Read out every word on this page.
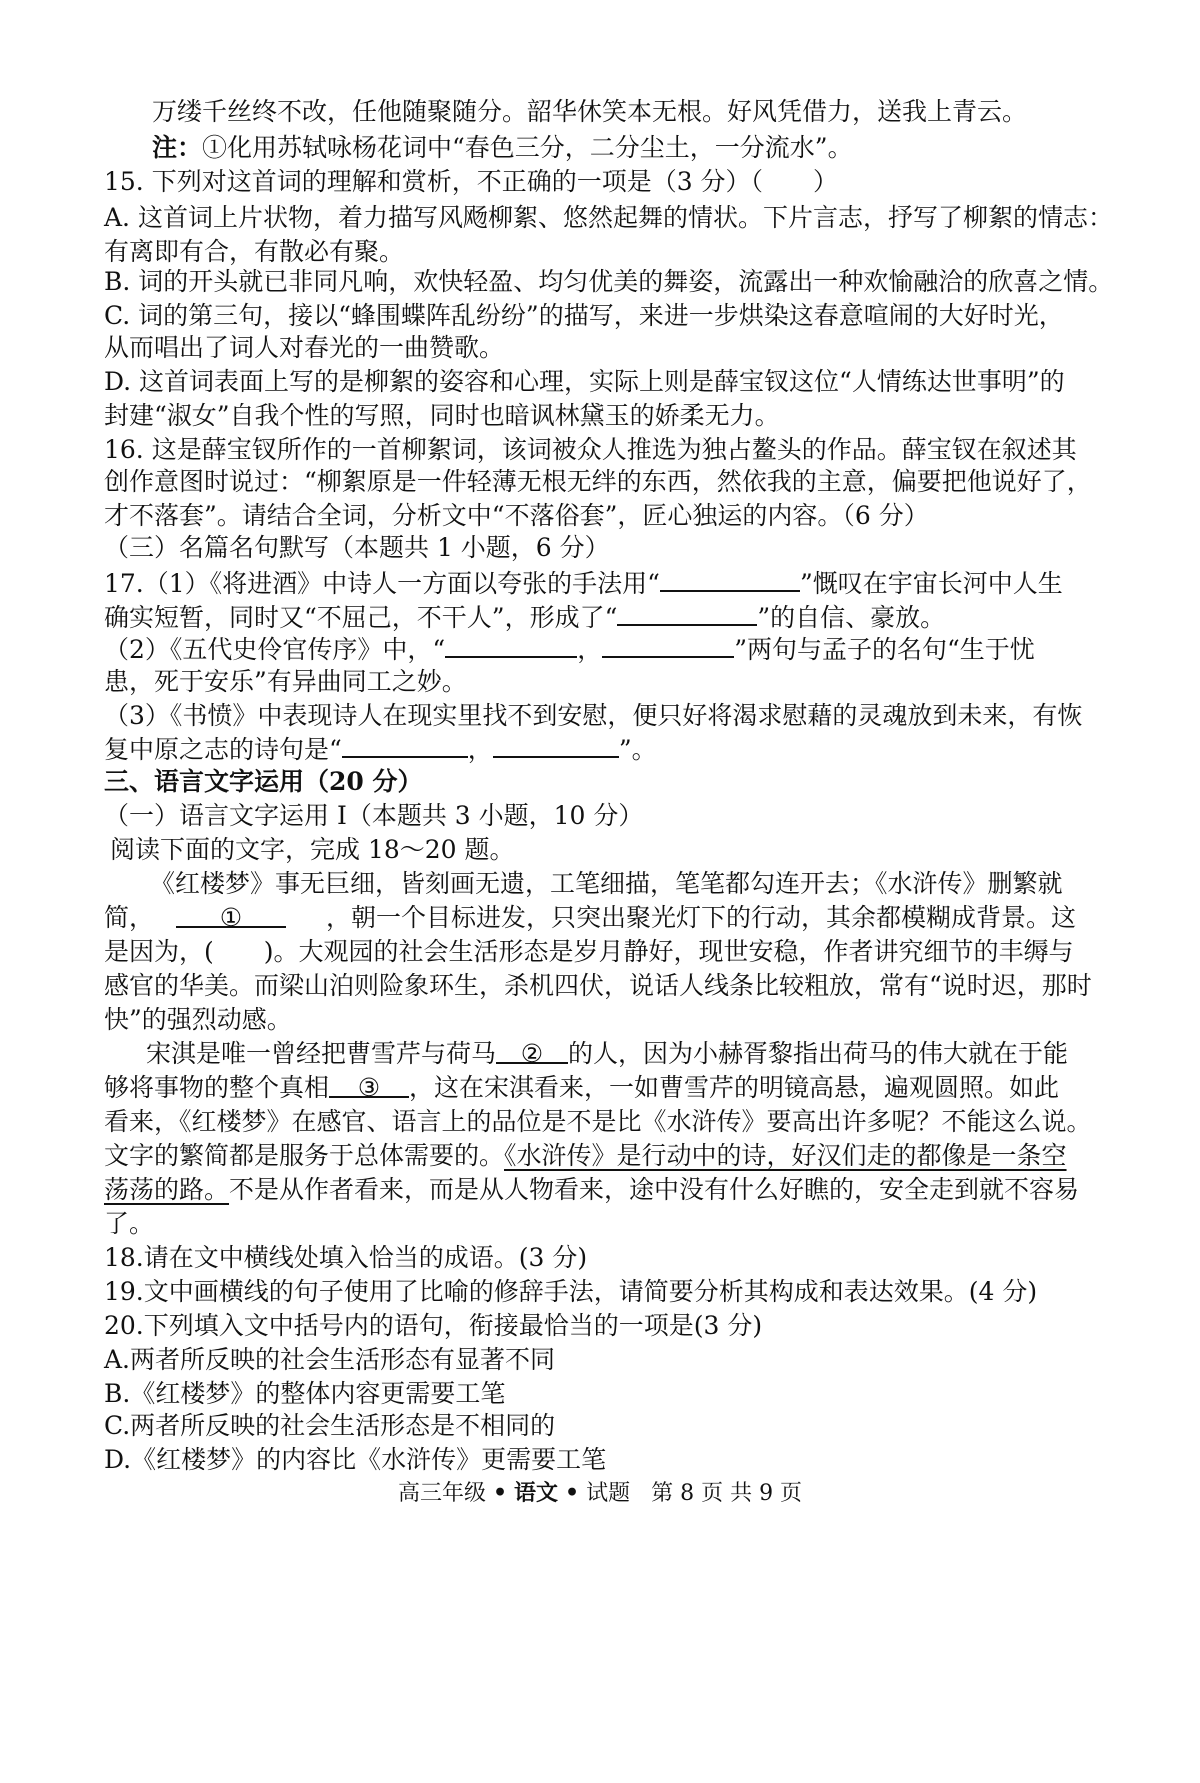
万缕千丝终不改，任他随聚随分。韶华休笑本无根。好风凭借力，送我上青云。
注：①化用苏轼咏杨花词中“春色三分，二分尘土，一分流水”。
15. 下列对这首词的理解和赏析，不正确的一项是（3 分）（　　）
A. 这首词上片状物，着力描写风飏柳絮、悠然起舞的情状。下片言志，抒写了柳絮的情志：
有离即有合，有散必有聚。
B. 词的开头就已非同凡响，欢快轻盈、均匀优美的舞姿，流露出一种欢愉融洽的欣喜之情。
C. 词的第三句，接以“蜂围蝶阵乱纷纷”的描写，来进一步烘染这春意喧闹的大好时光，
从而唱出了词人对春光的一曲赞歌。
D. 这首词表面上写的是柳絮的姿容和心理，实际上则是薛宝钗这位“人情练达世事明”的
封建“淑女”自我个性的写照，同时也暗讽林黛玉的娇柔无力。
16. 这是薛宝钗所作的一首柳絮词，该词被众人推选为独占鳌头的作品。薛宝钗在叙述其
创作意图时说过：“柳絮原是一件轻薄无根无绊的东西，然依我的主意，偏要把他说好了，
才不落套”。请结合全词，分析文中“不落俗套”，匠心独运的内容。（6 分）
（三）名篇名句默写（本题共 1 小题，6 分）
17.（1）《将进酒》中诗人一方面以夸张的手法用“	”慨叹在宇宙长河中人生
确实短暂，同时又“不屈己，不干人”，形成了“	”的自信、豪放。
（2）《五代史伶官传序》中，“	，	”两句与孟子的名句“生于忧
患，死于安乐”有异曲同工之妙。
（3）《书愤》中表现诗人在现实里找不到安慰，便只好将渴求慰藉的灵魂放到未来，有恢
复中原之志的诗句是“	，	”。
三、语言文字运用（20 分）
（一）语言文字运用 I（本题共 3 小题，10 分）
阅读下面的文字，完成 18～20 题。
《红楼梦》事无巨细，皆刻画无遗，工笔细描，笔笔都勾连开去；《水浒传》删繁就
简，	①	，朝一个目标进发，只突出聚光灯下的行动，其余都模糊成背景。这
是因为，(　　)。大观园的社会生活形态是岁月静好，现世安稳，作者讲究细节的丰缛与
感官的华美。而梁山泊则险象环生，杀机四伏，说话人线条比较粗放，常有“说时迟，那时
快”的强烈动感。
宋淇是唯一曾经把曹雪芹与荷马 ② 的人，因为小赫胥黎指出荷马的伟大就在于能
够将事物的整个真相 ③ ，这在宋淇看来，一如曹雪芹的明镜高悬，遍观圆照。如此
看来，《红楼梦》在感官、语言上的品位是不是比《水浒传》要高出许多呢？不能这么说。
文字的繁简都是服务于总体需要的。《水浒传》是行动中的诗，好汉们走的都像是一条空
荡荡的路。不是从作者看来，而是从人物看来，途中没有什么好瞧的，安全走到就不容易
了。
18.请在文中横线处填入恰当的成语。(3 分)
19.文中画横线的句子使用了比喻的修辞手法，请简要分析其构成和表达效果。(4 分)
20.下列填入文中括号内的语句，衔接最恰当的一项是(3 分)
A.两者所反映的社会生活形态有显著不同
B.《红楼梦》的整体内容更需要工笔
C.两者所反映的社会生活形态是不相同的
D.《红楼梦》的内容比《水浒传》更需要工笔
高三年级 • 语文 • 试题 第 8 页 共 9 页
